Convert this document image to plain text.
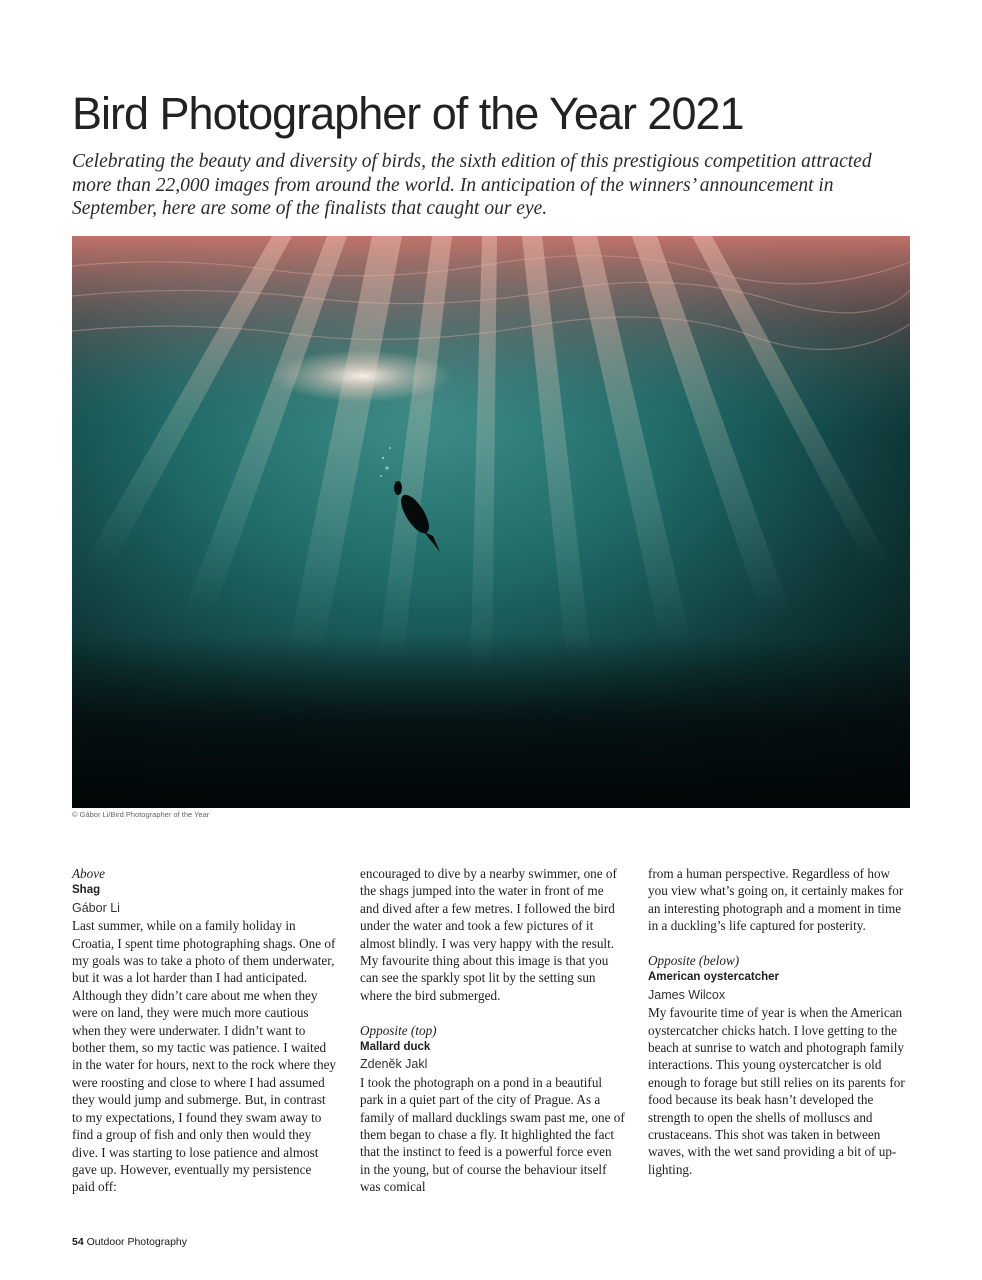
Bird Photographer of the Year 2021

Celebrating the beauty and diversity of birds, the sixth edition of this prestigious competition attracted more than 22,000 images from around the world. In anticipation of the winners’ announcement in September, here are some of the finalists that caught our eye.

© Gábor Li/Bird Photographer of the Year

Above

Shag

Gábor Li

Last summer, while on a family holiday in Croatia, I spent time photographing shags. One of my goals was to take a photo of them underwater, but it was a lot harder than I had anticipated. Although they didn’t care about me when they were on land, they were much more cautious when they were underwater. I didn’t want to bother them, so my tactic was patience. I waited in the water for hours, next to the rock where they were roosting and close to where I had assumed they would jump and submerge. But, in contrast to my expectations, I found they swam away to find a group of fish and only then would they dive. I was starting to lose patience and almost gave up. However, eventually my persistence paid off:

encouraged to dive by a nearby swimmer, one of the shags jumped into the water in front of me and dived after a few metres. I followed the bird under the water and took a few pictures of it almost blindly. I was very happy with the result. My favourite thing about this image is that you can see the sparkly spot lit by the setting sun where the bird submerged.

Opposite (top)

Mallard duck

Zdeněk Jakl

I took the photograph on a pond in a beautiful park in a quiet part of the city of Prague. As a family of mallard ducklings swam past me, one of them began to chase a fly. It highlighted the fact that the instinct to feed is a powerful force even in the young, but of course the behaviour itself was comical

from a human perspective. Regardless of how you view what’s going on, it certainly makes for an interesting photograph and a moment in time in a duckling’s life captured for posterity.

Opposite (below)

American oystercatcher

James Wilcox

My favourite time of year is when the American oystercatcher chicks hatch. I love getting to the beach at sunrise to watch and photograph family interactions. This young oystercatcher is old enough to forage but still relies on its parents for food because its beak hasn’t developed the strength to open the shells of molluscs and crustaceans. This shot was taken in between waves, with the wet sand providing a bit of up-lighting.

54 Outdoor Photography
